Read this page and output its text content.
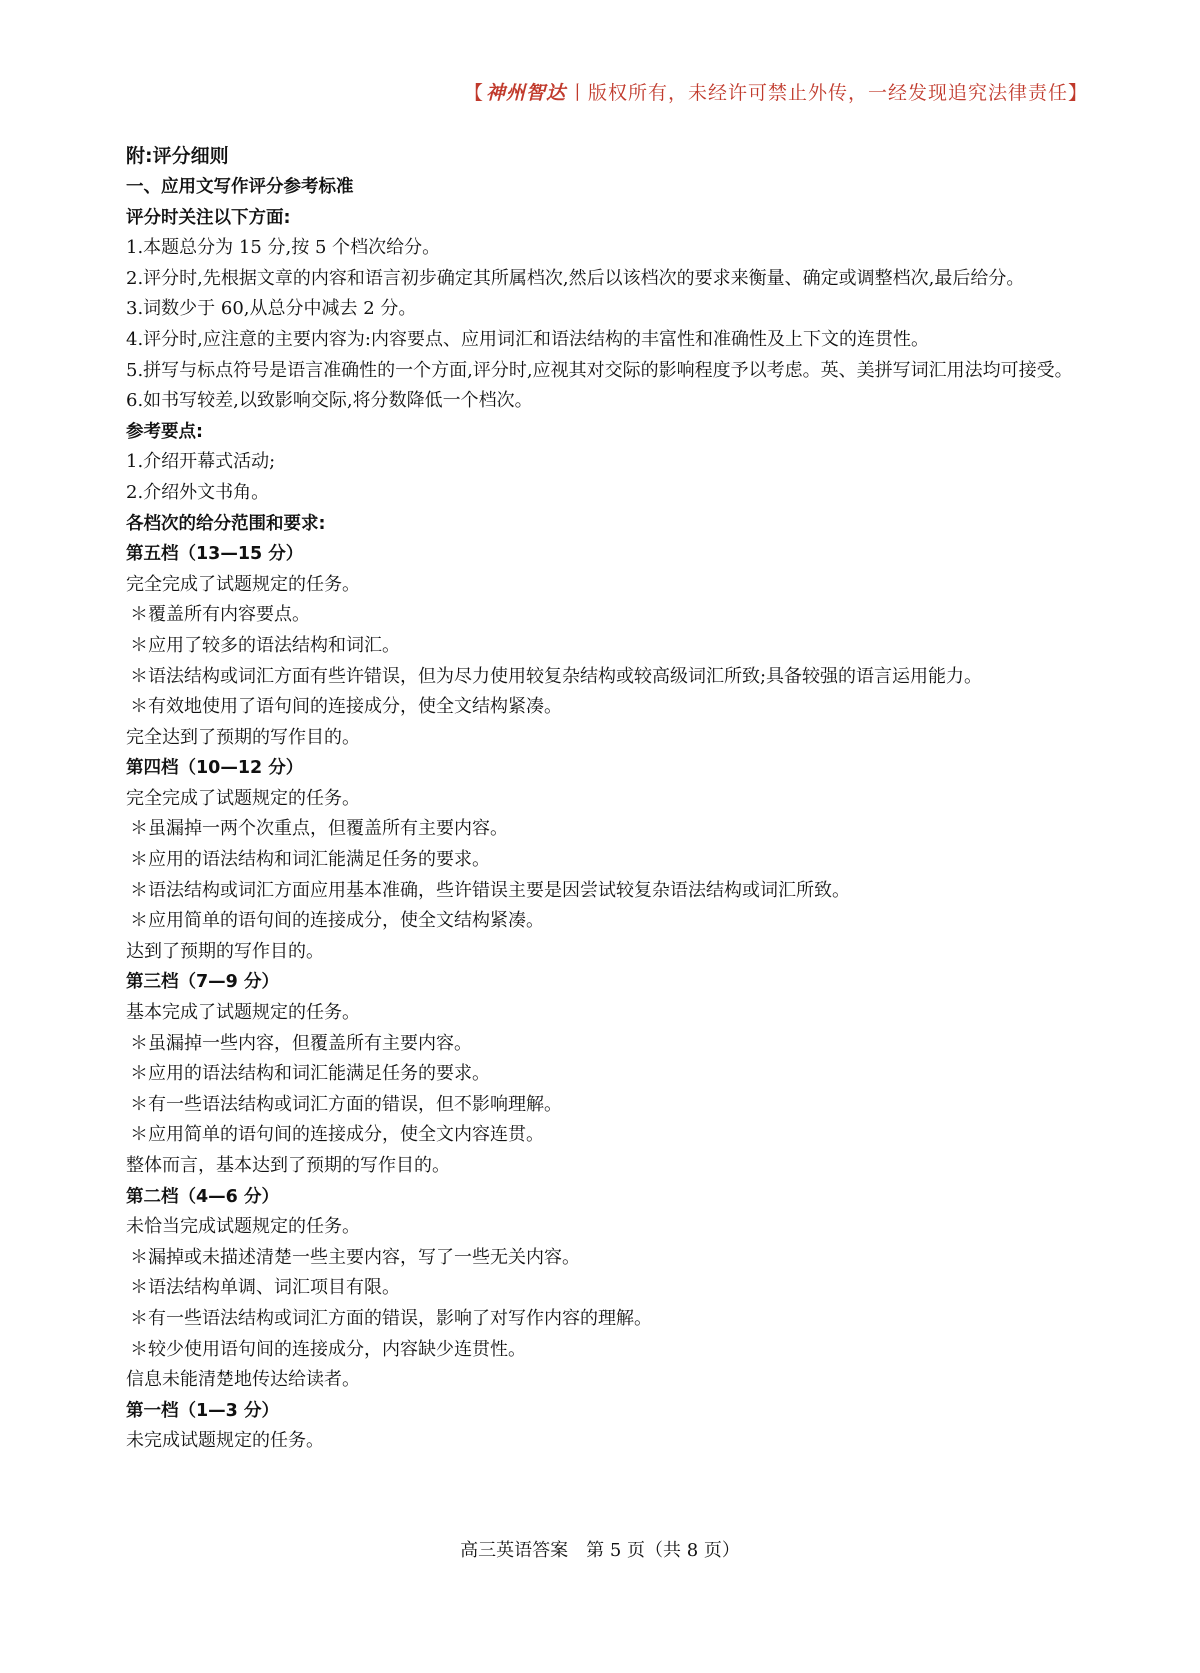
【 神州智达 丨版权所有，未经许可禁止外传，一经发现追究法律责任】
附:评分细则
一、应用文写作评分参考标准
评分时关注以下方面:
1.本题总分为 15 分,按 5 个档次给分。
2.评分时,先根据文章的内容和语言初步确定其所属档次,然后以该档次的要求来衡量、确定或调整档次,最后给分。
3.词数少于 60,从总分中减去 2 分。
4.评分时,应注意的主要内容为:内容要点、应用词汇和语法结构的丰富性和准确性及上下文的连贯性。
5.拼写与标点符号是语言准确性的一个方面,评分时,应视其对交际的影响程度予以考虑。英、美拼写词汇用法均可接受。
6.如书写较差,以致影响交际,将分数降低一个档次。
参考要点:
1.介绍开幕式活动;
2.介绍外文书角。
各档次的给分范围和要求:
第五档（13—15 分）
完全完成了试题规定的任务。
＊覆盖所有内容要点。
＊应用了较多的语法结构和词汇。
＊语法结构或词汇方面有些许错误，但为尽力使用较复杂结构或较高级词汇所致;具备较强的语言运用能力。
＊有效地使用了语句间的连接成分，使全文结构紧凑。
完全达到了预期的写作目的。
第四档（10—12 分）
完全完成了试题规定的任务。
＊虽漏掉一两个次重点，但覆盖所有主要内容。
＊应用的语法结构和词汇能满足任务的要求。
＊语法结构或词汇方面应用基本准确，些许错误主要是因尝试较复杂语法结构或词汇所致。
＊应用简单的语句间的连接成分，使全文结构紧凑。
达到了预期的写作目的。
第三档（7—9 分）
基本完成了试题规定的任务。
＊虽漏掉一些内容，但覆盖所有主要内容。
＊应用的语法结构和词汇能满足任务的要求。
＊有一些语法结构或词汇方面的错误，但不影响理解。
＊应用简单的语句间的连接成分，使全文内容连贯。
整体而言，基本达到了预期的写作目的。
第二档（4—6 分）
未恰当完成试题规定的任务。
＊漏掉或未描述清楚一些主要内容，写了一些无关内容。
＊语法结构单调、词汇项目有限。
＊有一些语法结构或词汇方面的错误，影响了对写作内容的理解。
＊较少使用语句间的连接成分，内容缺少连贯性。
信息未能清楚地传达给读者。
第一档（1—3 分）
未完成试题规定的任务。
高三英语答案　第 5 页（共 8 页）
